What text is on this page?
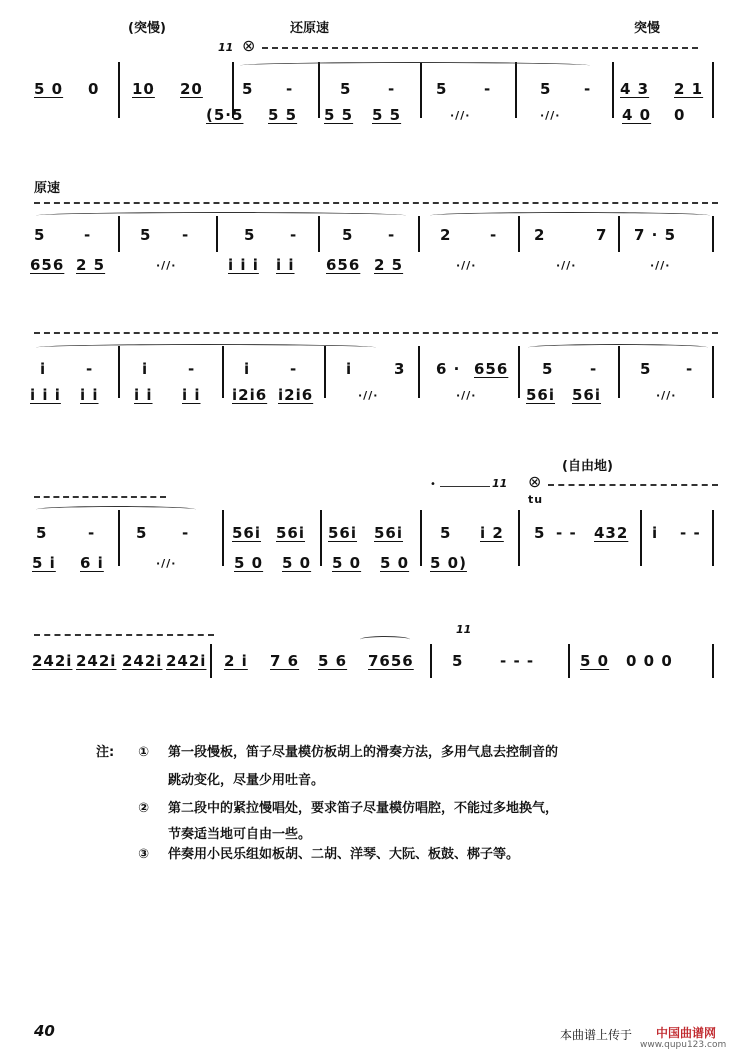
(突慢)	还原速	突慢
11 ⊗
5 0 0 10 20	5 -	5 -	5 -	5 - 4 3 2 1
(5·5 5 5 5 5 5 5	·//·	·//·	4 0 0
原速
5	-	5 -	5 -	5 -	2	- 2	7 7 · 5
656 2 5	·//·	i i i i i 656 2 5	·//·	·//·	·//·
i	-	i	-	i	-	i	3 6 · 656 5 -	5 -
i i i i i i i i i i2i6 i2i6	·//·	·//·	56i 56i	·//·
•	11 ⊗
tu
(自由地)
5	-	5 -	56i 56i 56i 56i 5 i 2 5 - - 432 i - -
5 i 6 i	·//·	5 0 5 0 5 0 5 0 5 0)
11
242i 242i 242i 242i 2 i 7 6 5 6 7656	5 - - -	5 0 0 0 0
注: ① 第一段慢板，笛子尽量模仿板胡上的滑奏方法，多用气息去控制音的
跳动变化，尽量少用吐音。
② 第二段中的紧拉慢唱处，要求笛子尽量模仿唱腔，不能过多地换气，
节奏适当地可自由一些。
③ 伴奏用小民乐组如板胡、二胡、洋琴、大阮、板鼓、梆子等。
40	本曲谱上传于 中国曲谱网
www.qupu123.com
